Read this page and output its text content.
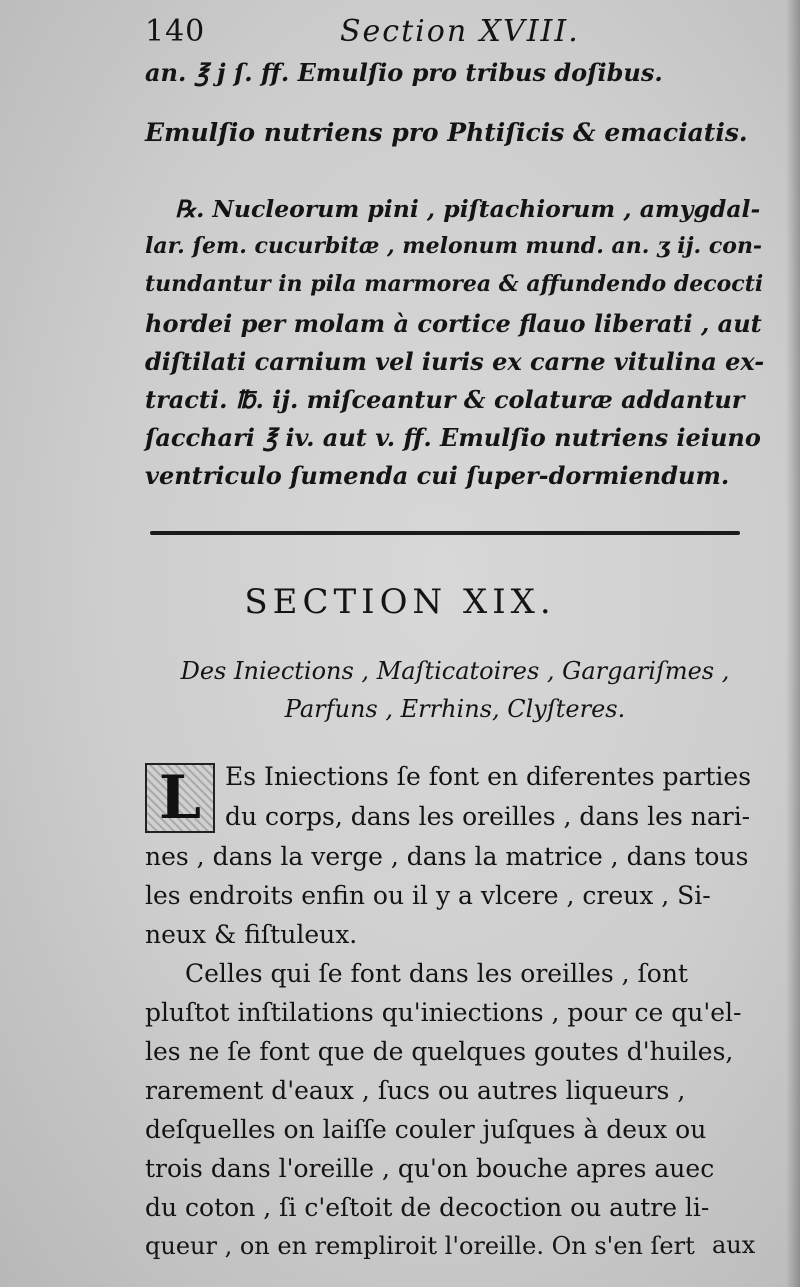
140	Section XVIII.
an. ℥ j ſ. ff. Emulſio pro tribus doſibus.
Emulſio nutriens pro Phtiſicis & emaciatis.
℞. Nucleorum pini , piſtachiorum , amygdal-
lar. ſem. cucurbitæ , melonum mund. an. ʒ ij. con-
tundantur in pila marmorea & affundendo decocti
hordei per molam à cortice flauo liberati , aut
diſtilati carnium vel iuris ex carne vitulina ex-
tracti. ℔. ij. miſceantur & colaturæ addantur
ſacchari ℥ iv. aut v. ff. Emulſio nutriens ieiuno
ventriculo ſumenda cui ſuper-dormiendum.
SECTION XIX.
Des Iniections , Maſticatoires , Gargariſmes ,
Parfuns , Errhins, Clyſteres.
L Es Iniections ſe font en diferentes parties
du corps, dans les oreilles , dans les nari-
nes , dans la verge , dans la matrice , dans tous
les endroits enfin ou il y a vlcere , creux , Si-
neux & fiſtuleux.
Celles qui ſe font dans les oreilles , ſont
pluſtot inſtilations qu'iniections , pour ce qu'el-
les ne ſe font que de quelques goutes d'huiles,
rarement d'eaux , ſucs ou autres liqueurs ,
deſquelles on laiſſe couler juſques à deux ou
trois dans l'oreille , qu'on bouche apres auec
du coton , ſi c'eſtoit de decoction ou autre li-
queur , on en rempliroit l'oreille. On s'en ſert aux
